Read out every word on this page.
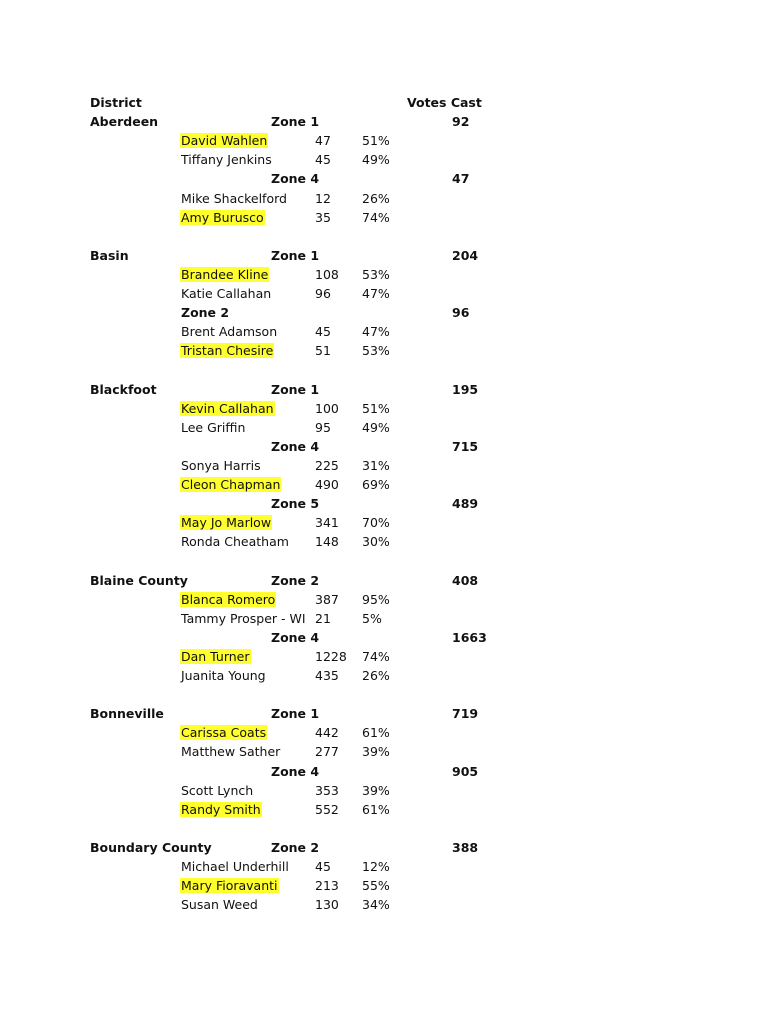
District	Votes Cast
Aberdeen	Zone 1	92
David Wahlen	47 51%
Tiffany Jenkins	45 49%
Zone 4	47
Mike Shackelford 12 26%
Amy Burusco	35 74%
Basin	Zone 1	204
Brandee Kline	108 53%
Katie Callahan	96 47%
Zone 2	96
Brent Adamson	45 47%
Tristan Chesire	51 53%
Blackfoot	Zone 1	195
Kevin Callahan	100 51%
Lee Griffin	95 49%
Zone 4	715
Sonya Harris	225 31%
Cleon Chapman	490 69%
Zone 5	489
May Jo Marlow	341 70%
Ronda Cheatham 148 30%
Blaine County	Zone 2	408
Blanca Romero	387 95%
Tammy Prosper - WI 21 5%
Zone 4	1663
Dan Turner	1228 74%
Juanita Young	435 26%
Bonneville	Zone 1	719
Carissa Coats	442 61%
Matthew Sather	277 39%
Zone 4	905
Scott Lynch	353 39%
Randy Smith	552 61%
Boundary County	Zone 2	388
Michael Underhill 45 12%
Mary Fioravanti	213 55%
Susan Weed	130 34%
